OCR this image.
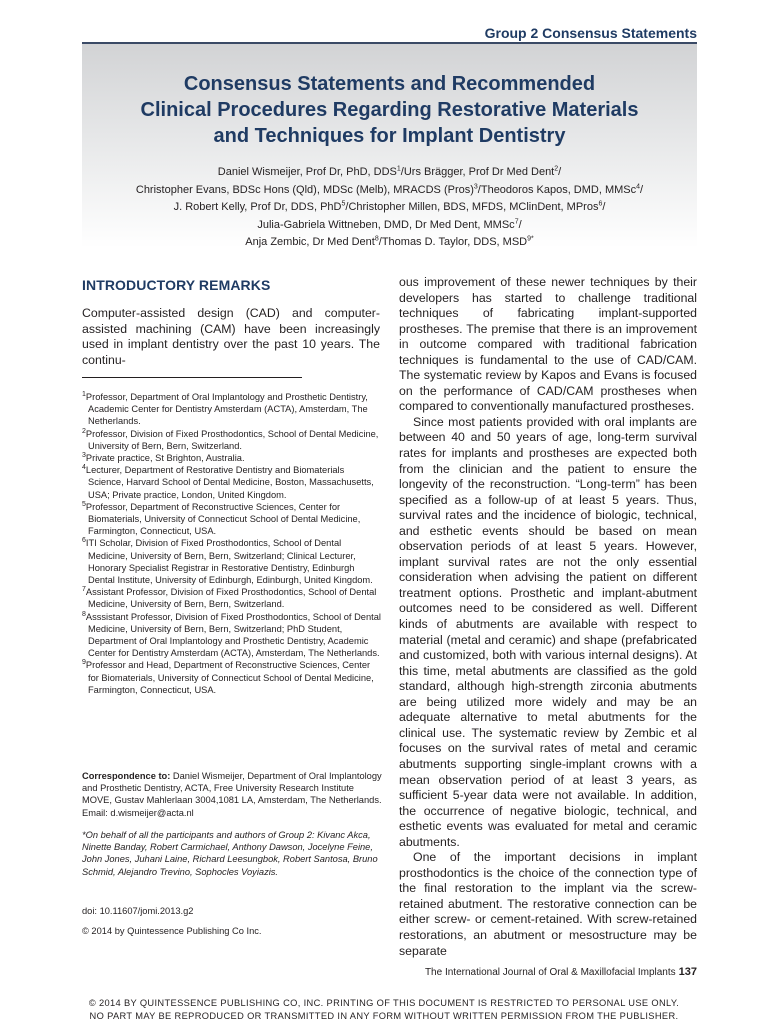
Group 2 Consensus Statements
Consensus Statements and Recommended
Clinical Procedures Regarding Restorative Materials
and Techniques for Implant Dentistry
Daniel Wismeijer, Prof Dr, PhD, DDS$^1$/Urs Brägger, Prof Dr Med Dent$^2$/
Christopher Evans, BDSc Hons (Qld), MDSc (Melb), MRACDS (Pros)$^3$/Theodoros Kapos, DMD, MMSc$^4$/
J. Robert Kelly, Prof Dr, DDS, PhD$^5$/Christopher Millen, BDS, MFDS, MClinDent, MPros$^6$/
Julia-Gabriela Wittneben, DMD, Dr Med Dent, MMSc$^7$/
Anja Zembic, Dr Med Dent$^8$/Thomas D. Taylor, DDS, $MSD^{9*}$
INTRODUCTORY REMARKS
Computer-assisted design (CAD) and computer-assisted machining (CAM) have been increasingly used in implant dentistry over the past 10 years. The continu-
$^1$Professor, Department of Oral Implantology and Prosthetic Dentistry, Academic Center for Dentistry Amsterdam (ACTA), Amsterdam, The Netherlands.
$^2$Professor, Division of Fixed Prosthodontics, School of Dental Medicine, University of Bern, Bern, Switzerland.
$^3$Private practice, St Brighton, Australia.
$^4$Lecturer, Department of Restorative Dentistry and Biomaterials Science, Harvard School of Dental Medicine, Boston, Massachusetts, USA; Private practice, London, United Kingdom.
$^5$Professor, Department of Reconstructive Sciences, Center for Biomaterials, University of Connecticut School of Dental Medicine, Farmington, Connecticut, USA.
$^6$ITI Scholar, Division of Fixed Prosthodontics, School of Dental Medicine, University of Bern, Bern, Switzerland; Clinical Lecturer, Honorary Specialist Registrar in Restorative Dentistry, Edinburgh Dental Institute, University of Edinburgh, Edinburgh, United Kingdom.
$^7$Assistant Professor, Division of Fixed Prosthodontics, School of Dental Medicine, University of Bern, Bern, Switzerland.
$^8$Asssistant Professor, Division of Fixed Prosthodontics, School of Dental Medicine, University of Bern, Bern, Switzerland; PhD Student, Department of Oral Implantology and Prosthetic Dentistry, Academic Center for Dentistry Amsterdam (ACTA), Amsterdam, The Netherlands.
$^9$Professor and Head, Department of Reconstructive Sciences, Center for Biomaterials, University of Connecticut School of Dental Medicine, Farmington, Connecticut, USA.
Correspondence to: Daniel Wismeijer, Department of Oral Implantology and Prosthetic Dentistry, ACTA, Free University Research Institute MOVE, Gustav Mahlerlaan 3004,1081 LA, Amsterdam, The Netherlands. Email: d.wismeijer@acta.nl
*On behalf of all the participants and authors of Group 2: Kivanc Akca, Ninette Banday, Robert Carmichael, Anthony Dawson, Jocelyne Feine, John Jones, Juhani Laine, Richard Leesungbok, Robert Santosa, Bruno Schmid, Alejandro Trevino, Sophocles Voyiazis.
doi: 10.11607/jomi.2013.g2
© 2014 by Quintessence Publishing Co Inc.
ous improvement of these newer techniques by their developers has started to challenge traditional techniques of fabricating implant-supported prostheses. The premise that there is an improvement in outcome compared with traditional fabrication techniques is fundamental to the use of CAD/CAM. The systematic review by Kapos and Evans is focused on the performance of CAD/CAM prostheses when compared to conventionally manufactured prostheses.
Since most patients provided with oral implants are between 40 and 50 years of age, long-term survival rates for implants and prostheses are expected both from the clinician and the patient to ensure the longevity of the reconstruction. “Long-term” has been specified as a follow-up of at least 5 years. Thus, survival rates and the incidence of biologic, technical, and esthetic events should be based on mean observation periods of at least 5 years. However, implant survival rates are not the only essential consideration when advising the patient on different treatment options. Prosthetic and implant-abutment outcomes need to be considered as well. Different kinds of abutments are available with respect to material (metal and ceramic) and shape (prefabricated and customized, both with various internal designs). At this time, metal abutments are classified as the gold standard, although high-strength zirconia abutments are being utilized more widely and may be an adequate alternative to metal abutments for the clinical use. The systematic review by Zembic et al focuses on the survival rates of metal and ceramic abutments supporting single-implant crowns with a mean observation period of at least 3 years, as sufficient 5-year data were not available. In addition, the occurrence of negative biologic, technical, and esthetic events was evaluated for metal and ceramic abutments.
One of the important decisions in implant prosthodontics is the choice of the connection type of the final restoration to the implant via the screw-retained abutment. The restorative connection can be either screw- or cement-retained. With screw-retained restorations, an abutment or mesostructure may be separate
The International Journal of Oral & Maxillofacial Implants 137
© 2014 BY QUINTESSENCE PUBLISHING CO, INC. PRINTING OF THIS DOCUMENT IS RESTRICTED TO PERSONAL USE ONLY.
NO PART MAY BE REPRODUCED OR TRANSMITTED IN ANY FORM WITHOUT WRITTEN PERMISSION FROM THE PUBLISHER.
